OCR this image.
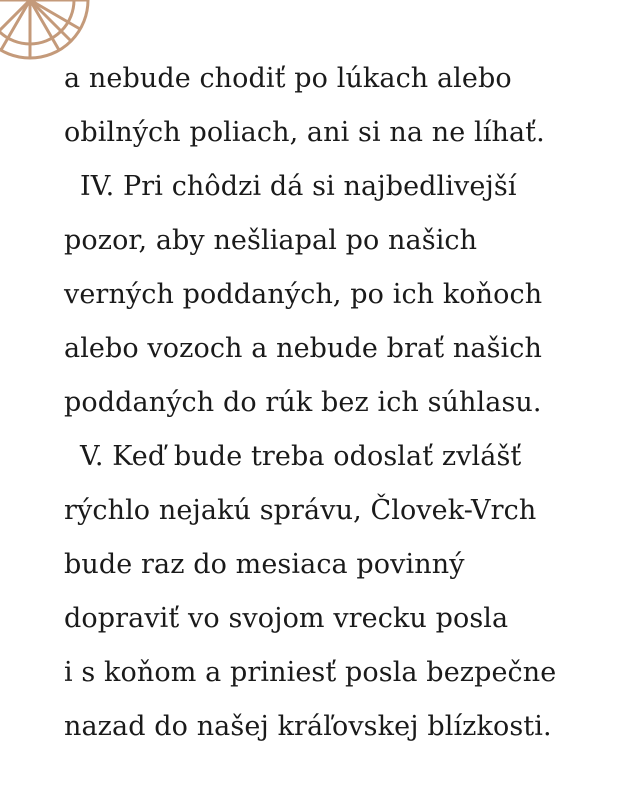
a nebude chodiť po lúkach alebo
obilných poliach, ani si na ne líhať.
IV. Pri chôdzi dá si najbedlivejší
pozor, aby nešliapal po našich
verných poddaných, po ich koňoch
alebo vozoch a nebude brať našich
poddaných do rúk bez ich súhlasu.
V. Keď bude treba odoslať zvlášť
rýchlo nejakú správu, Človek-Vrch
bude raz do mesiaca povinný
dopraviť vo svojom vrecku posla
i s koňom a priniesť posla bezpečne
nazad do našej kráľovskej blízkosti.
